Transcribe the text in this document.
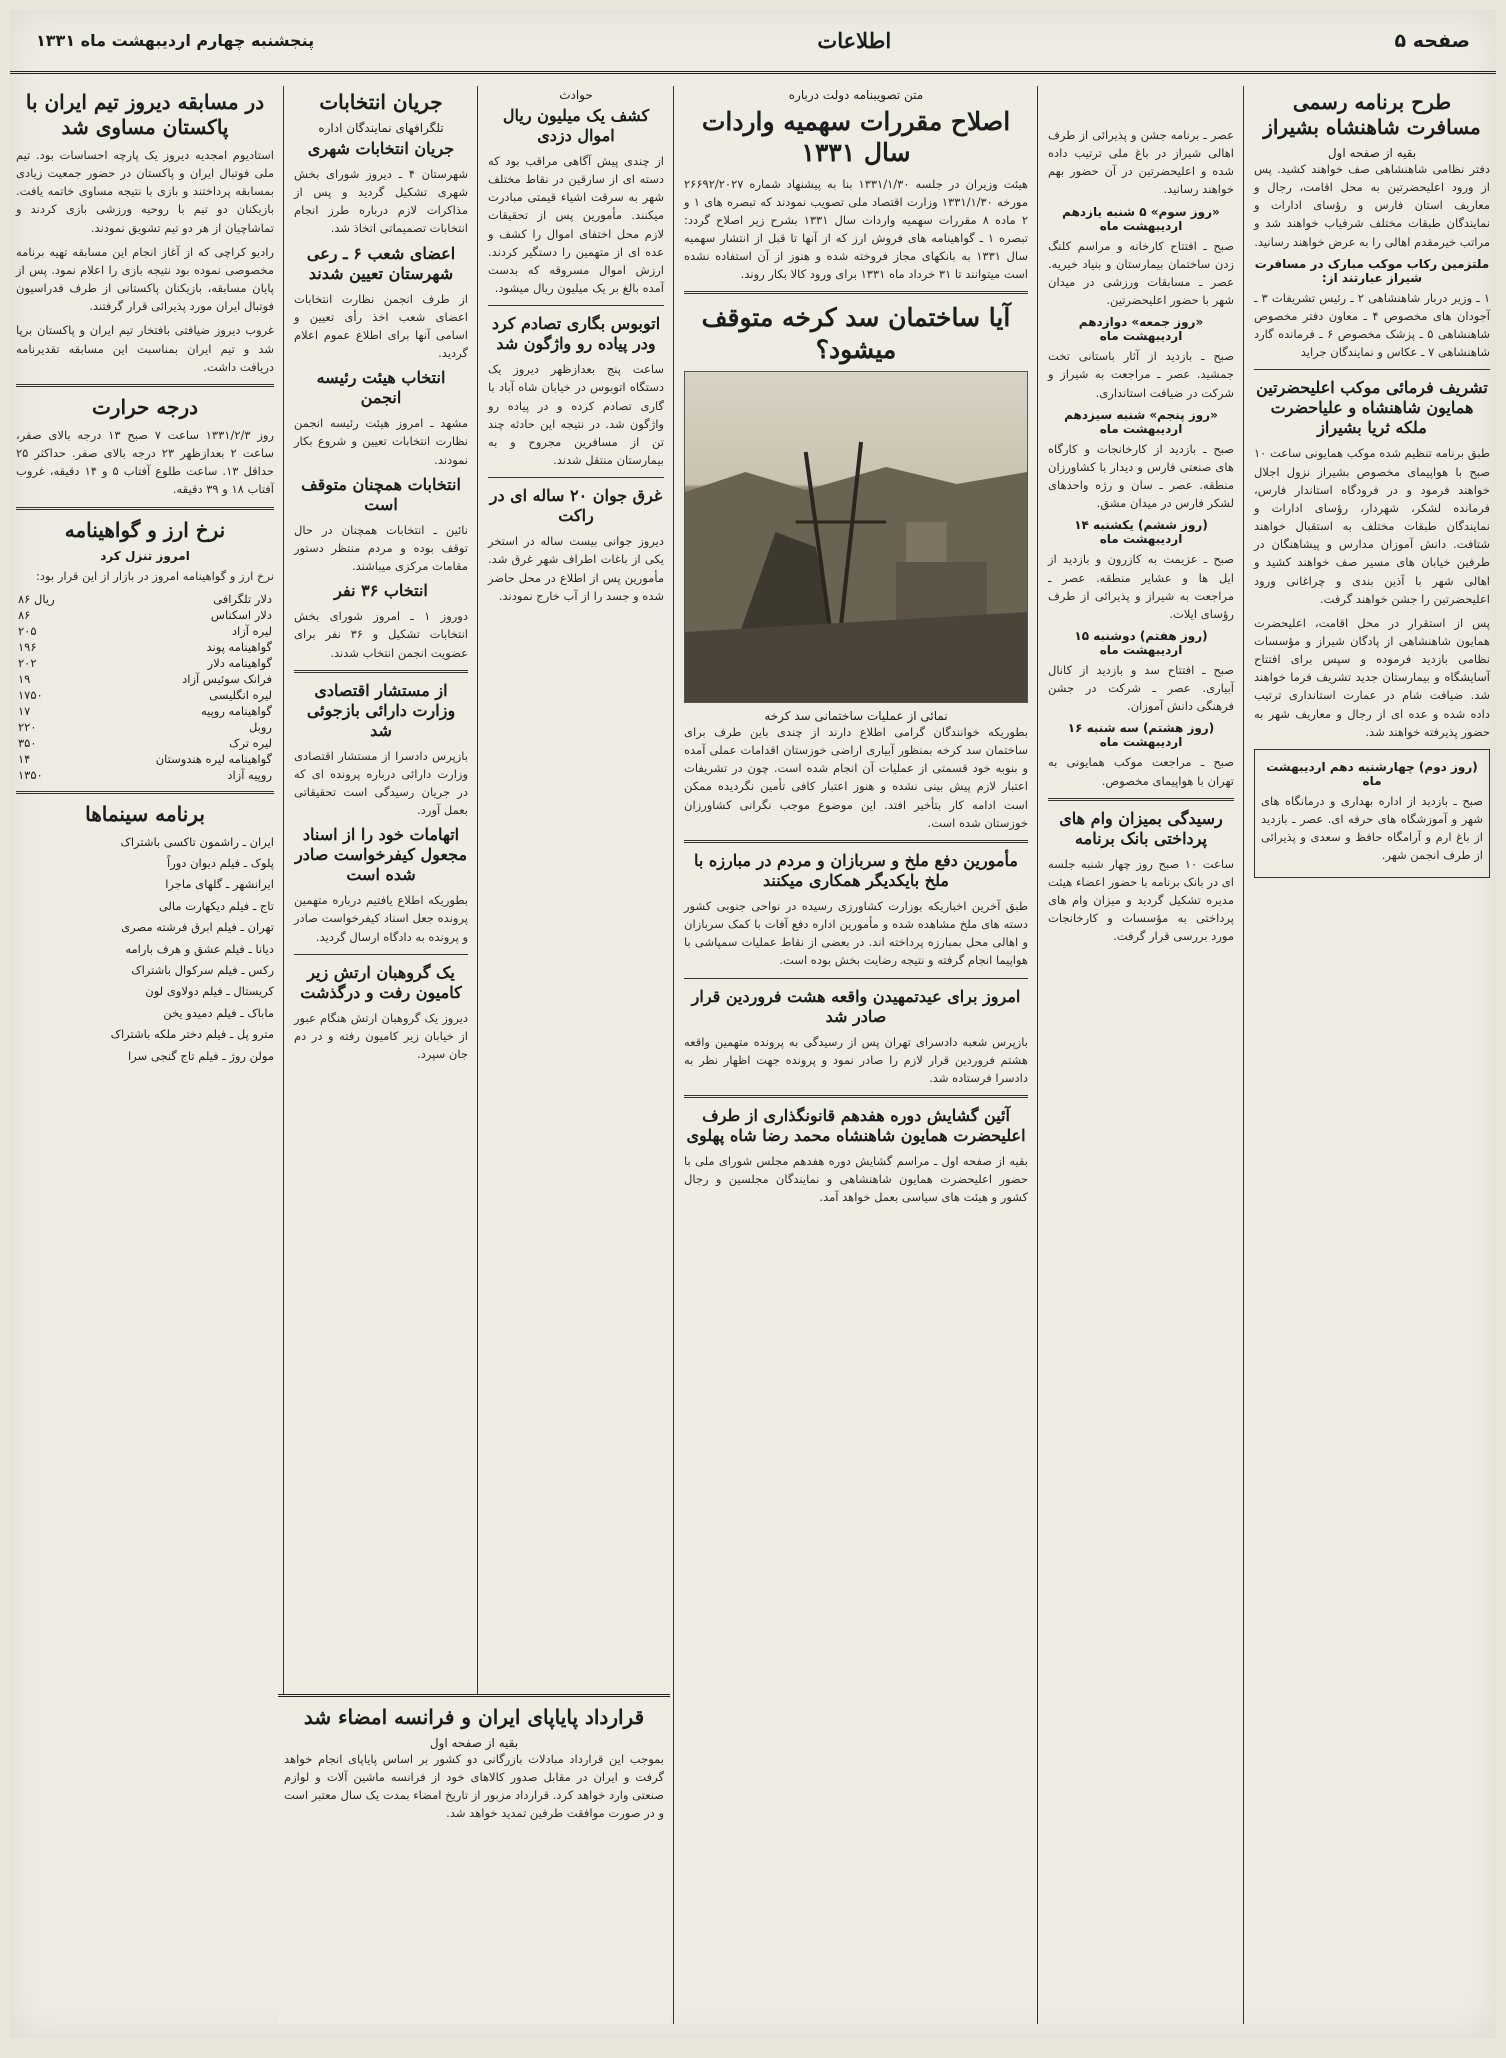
صفحه ۵
اطلاعات
پنجشنبه چهارم اردیبهشت ماه ۱۳۳۱
طرح برنامه رسمی مسافرت شاهنشاه بشیراز
بقیه از صفحه اول

دفتر نظامی شاهنشاهی صف خواهند کشید. پس از ورود اعلیحضرتین به محل اقامت، رجال و معاریف استان فارس و رؤسای ادارات و نمایندگان طبقات مختلف شرفیاب خواهند شد و مراتب خیرمقدم اهالی را به عرض خواهند رسانید.

ملتزمین رکاب موکب مبارک در مسافرت شیراز عبارتند از:

۱ ـ وزیر دربار شاهنشاهی ۲ ـ رئیس تشریفات ۳ ـ آجودان های مخصوص ۴ ـ معاون دفتر مخصوص شاهنشاهی ۵ ـ پزشک مخصوص ۶ ـ فرمانده گارد شاهنشاهی ۷ ـ عکاس و نمایندگان جراید

تشریف فرمائی موکب اعلیحضرتین همایون شاهنشاه و علیاحضرت ملکه ثریا بشیراز

طبق برنامه تنظیم شده موکب همایونی ساعت ۱۰ صبح با هواپیمای مخصوص بشیراز نزول اجلال خواهند فرمود و در فرودگاه استاندار فارس، فرمانده لشکر، شهردار، رؤسای ادارات و نمایندگان طبقات مختلف به استقبال خواهند شتافت. دانش آموزان مدارس و پیشاهنگان در طرفین خیابان های مسیر صف خواهند کشید و اهالی شهر با آذین بندی و چراغانی ورود اعلیحضرتین را جشن خواهند گرفت.

پس از استقرار در محل اقامت، اعلیحضرت همایون شاهنشاهی از پادگان شیراز و مؤسسات نظامی بازدید فرموده و سپس برای افتتاح آسایشگاه و بیمارستان جدید تشریف فرما خواهند شد. ضیافت شام در عمارت استانداری ترتیب داده شده و عده ای از رجال و معاریف شهر به حضور پذیرفته خواهند شد.

(روز دوم) چهارشنبه دهم اردیبهشت ماه

صبح ـ بازدید از اداره بهداری و درمانگاه های شهر و آموزشگاه های حرفه ای. عصر ـ بازدید از باغ ارم و آرامگاه حافظ و سعدی و پذیرائی از طرف انجمن شهر.

عصر ـ برنامه جشن و پذیرائی از طرف اهالی شیراز در باغ ملی ترتیب داده شده و اعلیحضرتین در آن حضور بهم خواهند رسانید.

«روز سوم» ۵ شنبه یازدهم اردیبهشت ماه

صبح ـ افتتاح کارخانه و مراسم کلنگ زدن ساختمان بیمارستان و بنیاد خیریه. عصر ـ مسابقات ورزشی در میدان شهر با حضور اعلیحضرتین.

«روز جمعه» دوازدهم اردیبهشت ماه

صبح ـ بازدید از آثار باستانی تخت جمشید. عصر ـ مراجعت به شیراز و شرکت در ضیافت استانداری.

«روز پنجم» شنبه سیزدهم اردیبهشت ماه

صبح ـ بازدید از کارخانجات و کارگاه های صنعتی فارس و دیدار با کشاورزان منطقه. عصر ـ سان و رژه واحدهای لشکر فارس در میدان مشق.

(روز ششم) یکشنبه ۱۴ اردیبهشت ماه

صبح ـ عزیمت به کازرون و بازدید از ایل ها و عشایر منطقه. عصر ـ مراجعت به شیراز و پذیرائی از طرف رؤسای ایلات.

(روز هفتم) دوشنبه ۱۵ اردیبهشت ماه

صبح ـ افتتاح سد و بازدید از کانال آبیاری. عصر ـ شرکت در جشن فرهنگی دانش آموزان.

(روز هشتم) سه شنبه ۱۶ اردیبهشت ماه

صبح ـ مراجعت موکب همایونی به تهران با هواپیمای مخصوص.

رسیدگی بمیزان وام های پرداختی بانک برنامه

ساعت ۱۰ صبح روز چهار شنبه جلسه ای در بانک برنامه با حضور اعضاء هیئت مدیره تشکیل گردید و میزان وام های پرداختی به مؤسسات و کارخانجات مورد بررسی قرار گرفت.

متن تصویبنامه دولت درباره
اصلاح مقررات سهمیه واردات سال ۱۳۳۱

هیئت وزیران در جلسه ۱۳۳۱/۱/۳۰ بنا به پیشنهاد شماره ۲۶۶۹۲/۲۰۲۷ مورخه ۱۳۳۱/۱/۳۰ وزارت اقتصاد ملی تصویب نمودند که تبصره های ۱ و ۲ ماده ۸ مقررات سهمیه واردات سال ۱۳۳۱ بشرح زیر اصلاح گردد: تبصره ۱ ـ گواهینامه های فروش ارز که از آنها تا قبل از انتشار سهمیه سال ۱۳۳۱ به بانکهای مجاز فروخته شده و هنوز از آن استفاده نشده است میتوانند تا ۳۱ خرداد ماه ۱۳۳۱ برای ورود کالا بکار روند.

آیا ساختمان سد کرخه متوقف میشود؟
نمائی از عملیات ساختمانی سد کرخه

بطوریکه خوانندگان گرامی اطلاع دارند از چندی باین طرف برای ساختمان سد کرخه بمنظور آبیاری اراضی خوزستان اقدامات عملی آمده و بنوبه خود قسمتی از عملیات آن انجام شده است. چون در تشریفات اعتبار لازم پیش بینی نشده و هنوز اعتبار کافی تأمین نگردیده ممکن است ادامه کار بتأخیر افتد. این موضوع موجب نگرانی کشاورزان خوزستان شده است.

مأمورین دفع ملخ و سربازان و مردم در مبارزه با ملخ بایکدیگر همکاری میکنند

طبق آخرین اخباریکه بوزارت کشاورزی رسیده در نواحی جنوبی کشور دسته های ملخ مشاهده شده و مأمورین اداره دفع آفات با کمک سربازان و اهالی محل بمبارزه پرداخته اند. در بعضی از نقاط عملیات سمپاشی با هواپیما انجام گرفته و نتیجه رضایت بخش بوده است.

امروز برای عیدتمهیدن واقعه هشت فروردین قرار صادر شد

بازپرس شعبه دادسرای تهران پس از رسیدگی به پرونده متهمین واقعه هشتم فروردین قرار لازم را صادر نمود و پرونده جهت اظهار نظر به دادسرا فرستاده شد.

آئین گشایش دوره هفدهم قانونگذاری از طرف اعلیحضرت همایون شاهنشاه محمد رضا شاه پهلوی

بقیه از صفحه اول ـ مراسم گشایش دوره هفدهم مجلس شورای ملی با حضور اعلیحضرت همایون شاهنشاهی و نمایندگان مجلسین و رجال کشور و هیئت های سیاسی بعمل خواهد آمد.

حوادث
کشف یک میلیون ریال اموال دزدی

از چندی پیش آگاهی مراقب بود که دسته ای از سارقین در نقاط مختلف شهر به سرقت اشیاء قیمتی مبادرت میکنند. مأمورین پس از تحقیقات لازم محل اختفای اموال را کشف و عده ای از متهمین را دستگیر کردند. ارزش اموال مسروقه که بدست آمده بالغ بر یک میلیون ریال میشود.

اتوبوس بگاری تصادم کرد ودر پیاده رو واژگون شد

ساعت پنج بعدازظهر دیروز یک دستگاه اتوبوس در خیابان شاه آباد با گاری تصادم کرده و در پیاده رو واژگون شد. در نتیجه این حادثه چند تن از مسافرین مجروح و به بیمارستان منتقل شدند.

غرق جوان ۲۰ ساله ای در راکت

دیروز جوانی بیست ساله در استخر یکی از باغات اطراف شهر غرق شد. مأمورین پس از اطلاع در محل حاضر شده و جسد را از آب خارج نمودند.

جریان انتخابات
تلگرافهای نمایندگان اداره
جریان انتخابات شهری

شهرستان ۴ ـ دیروز شورای بخش شهری تشکیل گردید و پس از مذاکرات لازم درباره طرز انجام انتخابات تصمیماتی اتخاذ شد.

اعضای شعب ۶ ـ رعی شهرستان تعیین شدند

از طرف انجمن نظارت انتخابات اعضای شعب اخذ رأی تعیین و اسامی آنها برای اطلاع عموم اعلام گردید.

انتخاب هیئت رئیسه انجمن

مشهد ـ امروز هیئت رئیسه انجمن نظارت انتخابات تعیین و شروع بکار نمودند.

انتخابات همچنان متوقف است

نائین ـ انتخابات همچنان در حال توقف بوده و مردم منتظر دستور مقامات مرکزی میباشند.

انتخاب ۳۶ نفر

دوروز ۱ ـ امروز شورای بخش انتخابات تشکیل و ۳۶ نفر برای عضویت انجمن انتخاب شدند.

از مستشار اقتصادی وزارت دارائی بازجوئی شد

بازپرس دادسرا از مستشار اقتصادی وزارت دارائی درباره پرونده ای که در جریان رسیدگی است تحقیقاتی بعمل آورد.

اتهامات خود را از اسناد مجعول کیفرخواست صادر شده است

بطوریکه اطلاع یافتیم درباره متهمین پرونده جعل اسناد کیفرخواست صادر و پرونده به دادگاه ارسال گردید.

یک گروهبان ارتش زیر کامیون رفت و درگذشت

دیروز یک گروهبان ارتش هنگام عبور از خیابان زیر کامیون رفته و در دم جان سپرد.

در مسابقه دیروز تیم ایران با پاکستان مساوی شد

استادیوم امجدیه دیروز یک پارچه احساسات بود. تیم ملی فوتبال ایران و پاکستان در حضور جمعیت زیادی بمسابقه پرداختند و بازی با نتیجه مساوی خاتمه یافت. بازیکنان دو تیم با روحیه ورزشی بازی کردند و تماشاچیان از هر دو تیم تشویق نمودند.

رادیو کراچی که از آغاز انجام این مسابقه تهیه برنامه مخصوصی نموده بود نتیجه بازی را اعلام نمود. پس از پایان مسابقه، بازیکنان پاکستانی از طرف فدراسیون فوتبال ایران مورد پذیرائی قرار گرفتند.

غروب دیروز ضیافتی بافتخار تیم ایران و پاکستان برپا شد و تیم ایران بمناسبت این مسابقه تقدیرنامه دریافت داشت.

درجه حرارت

روز ۱۳۳۱/۲/۳ ساعت ۷ صبح ۱۳ درجه بالای صفر، ساعت ۲ بعدازظهر ۲۳ درجه بالای صفر. حداکثر ۲۵ حداقل ۱۳. ساعت طلوع آفتاب ۵ و ۱۴ دقیقه، غروب آفتاب ۱۸ و ۳۹ دقیقه.

نرخ ارز و گواهینامه
امروز تنزل کرد

نرخ ارز و گواهینامه امروز در بازار از این قرار بود:

دلار تلگرافی	۸۶ ریال
دلار اسکناس	۸۶
لیره آزاد	۲۰۵
گواهینامه پوند	۱۹۶
گواهینامه دلار	۲۰۲
فرانک سوئیس آزاد	۱۹
لیره انگلیسی	۱۷۵۰
گواهینامه روپیه	۱۷
روبل	۲۲۰
لیره ترک	۳۵۰
گواهینامه لیره هندوستان	۱۴
روپیه آزاد	۱۳۵۰
برنامه سینماها
ایران ـ راشمون تاکسی باشتراک
پلوک ـ فیلم دیوان دوراً
ایرانشهر ـ گلهای ماجرا
تاج ـ فیلم دیکهارت مالی
تهران ـ فیلم ابرق فرشته مصری
دیانا ـ فیلم عشق و هرف بارامه
رکس ـ فیلم سرکوال باشتراک
کریستال ـ فیلم دولاوی لون
ماباک ـ فیلم دمیدو یخن
مترو پل ـ فیلم دختر ملکه باشتراک
مولن روژ ـ فیلم تاج گنجی سرا
قرارداد پایاپای ایران و فرانسه امضاء شد
بقیه از صفحه اول

بموجب این قرارداد مبادلات بازرگانی دو کشور بر اساس پایاپای انجام خواهد گرفت و ایران در مقابل صدور کالاهای خود از فرانسه ماشین آلات و لوازم صنعتی وارد خواهد کرد. قرارداد مزبور از تاریخ امضاء بمدت یک سال معتبر است و در صورت موافقت طرفین تمدید خواهد شد.
